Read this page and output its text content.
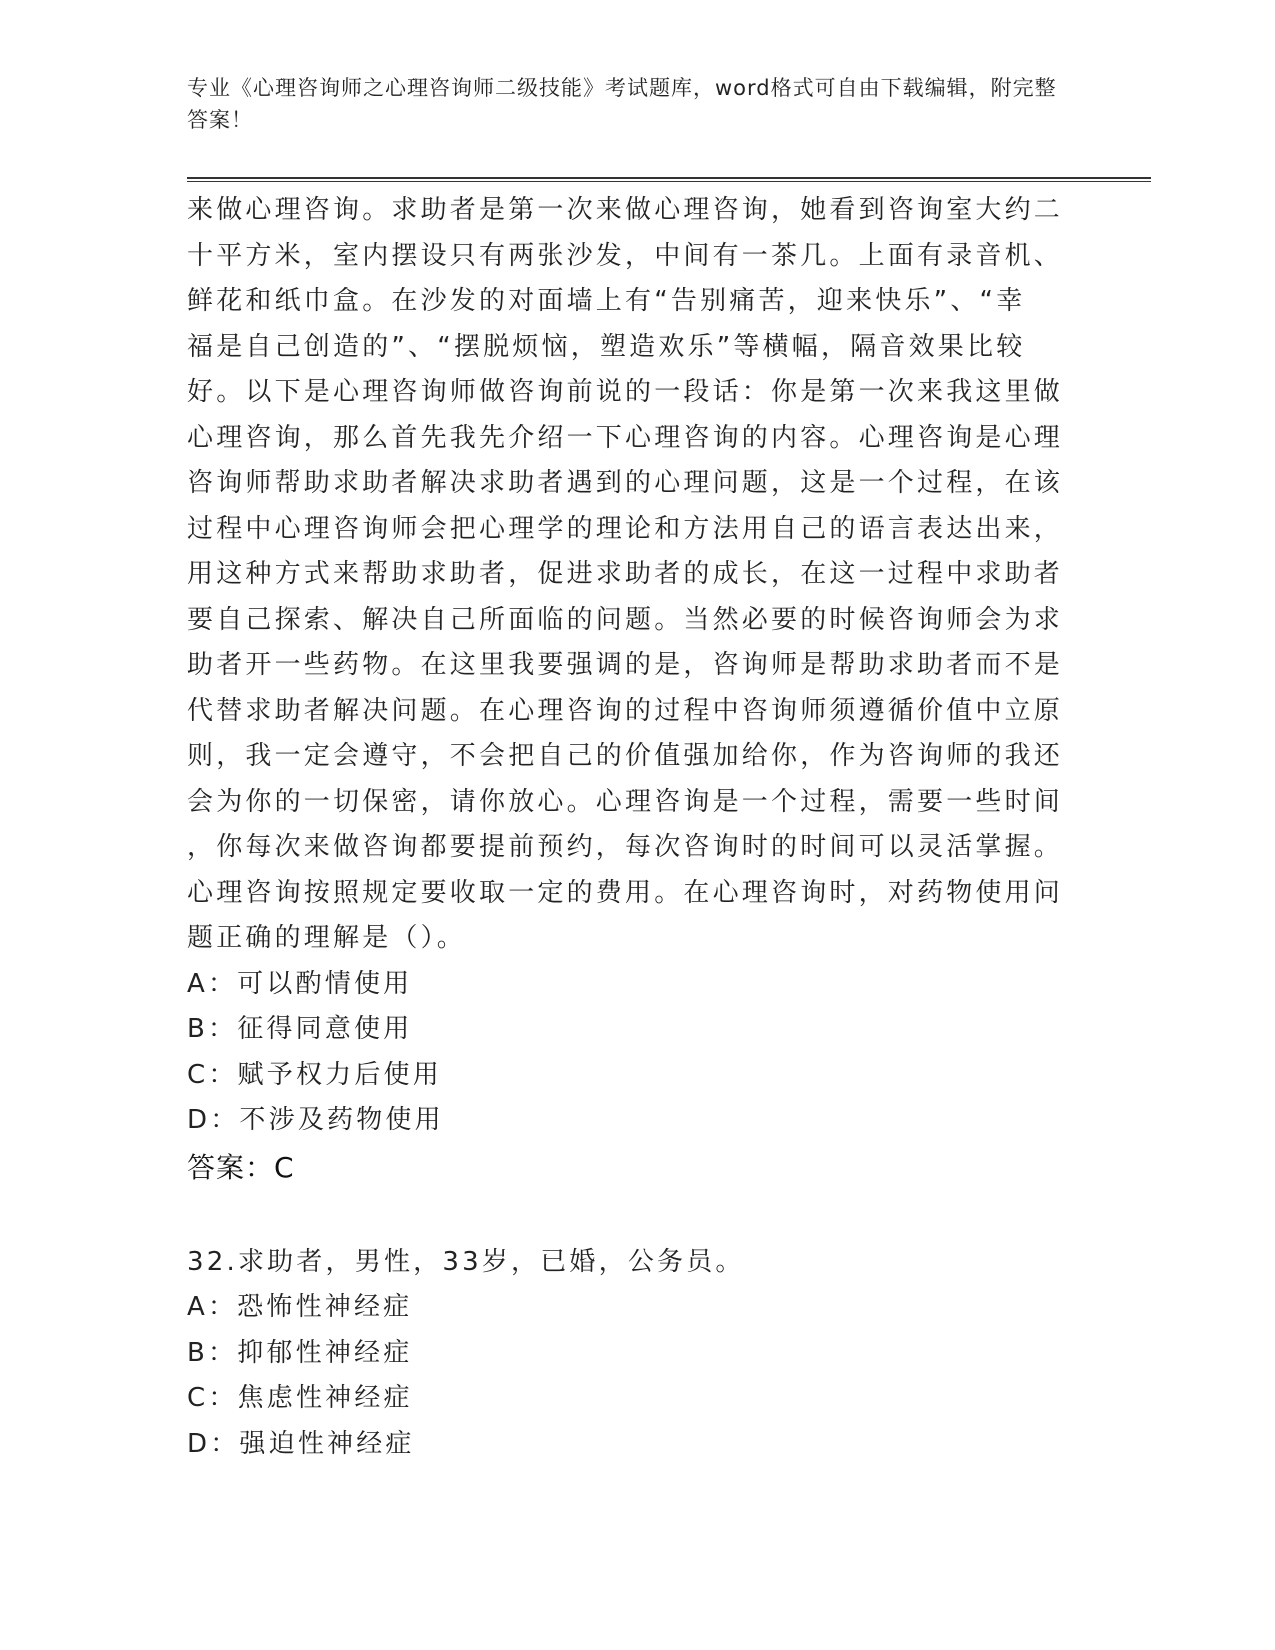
专业《心理咨询师之心理咨询师二级技能》考试题库，word格式可自由下载编辑，附完整答案！
来做心理咨询。求助者是第一次来做心理咨询，她看到咨询室大约二
十平方米，室内摆设只有两张沙发，中间有一茶几。上面有录音机、
鲜花和纸巾盒。在沙发的对面墙上有“告别痛苦，迎来快乐”、“幸
福是自己创造的”、“摆脱烦恼，塑造欢乐”等横幅，隔音效果比较
好。以下是心理咨询师做咨询前说的一段话：你是第一次来我这里做
心理咨询，那么首先我先介绍一下心理咨询的内容。心理咨询是心理
咨询师帮助求助者解决求助者遇到的心理问题，这是一个过程，在该
过程中心理咨询师会把心理学的理论和方法用自己的语言表达出来，
用这种方式来帮助求助者，促进求助者的成长，在这一过程中求助者
要自己探索、解决自己所面临的问题。当然必要的时候咨询师会为求
助者开一些药物。在这里我要强调的是，咨询师是帮助求助者而不是
代替求助者解决问题。在心理咨询的过程中咨询师须遵循价值中立原
则，我一定会遵守，不会把自己的价值强加给你，作为咨询师的我还
会为你的一切保密，请你放心。心理咨询是一个过程，需要一些时间
，你每次来做咨询都要提前预约，每次咨询时的时间可以灵活掌握。
心理咨询按照规定要收取一定的费用。在心理咨询时，对药物使用问
题正确的理解是（）。
A：可以酌情使用
B：征得同意使用
C：赋予权力后使用
D：不涉及药物使用
答案：C
32.求助者，男性，33岁，已婚，公务员。
A：恐怖性神经症
B：抑郁性神经症
C：焦虑性神经症
D：强迫性神经症
